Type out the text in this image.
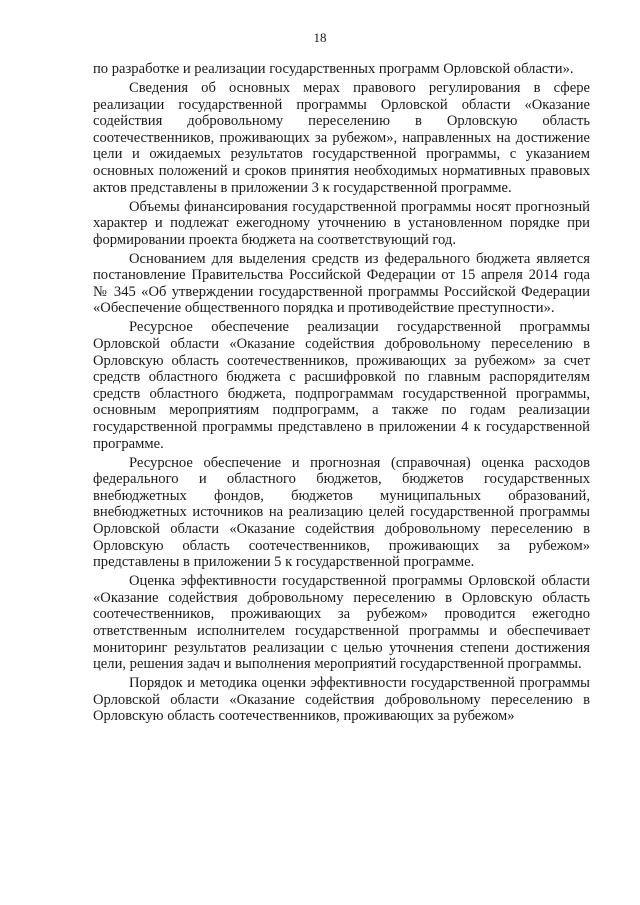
18

по разработке и реализации государственных программ Орловской области».

Сведения об основных мерах правового регулирования в сфере реализации государственной программы Орловской области «Оказание содействия добровольному переселению в Орловскую область соотечественников, проживающих за рубежом», направленных на достижение цели и ожидаемых результатов государственной программы, с указанием основных положений и сроков принятия необходимых нормативных правовых актов представлены в приложении 3 к государственной программе.

Объемы финансирования государственной программы носят прогнозный характер и подлежат ежегодному уточнению в установленном порядке при формировании проекта бюджета на соответствующий год.

Основанием для выделения средств из федерального бюджета является постановление Правительства Российской Федерации от 15 апреля 2014 года № 345 «Об утверждении государственной программы Российской Федерации «Обеспечение общественного порядка и противодействие преступности».

Ресурсное обеспечение реализации государственной программы Орловской области «Оказание содействия добровольному переселению в Орловскую область соотечественников, проживающих за рубежом» за счет средств областного бюджета с расшифровкой по главным распорядителям средств областного бюджета, подпрограммам государственной программы, основным мероприятиям подпрограмм, а также по годам реализации государственной программы представлено в приложении 4 к государственной программе.

Ресурсное обеспечение и прогнозная (справочная) оценка расходов федерального и областного бюджетов, бюджетов государственных внебюджетных фондов, бюджетов муниципальных образований, внебюджетных источников на реализацию целей государственной программы Орловской области «Оказание содействия добровольному переселению в Орловскую область соотечественников, проживающих за рубежом» представлены в приложении 5 к государственной программе.

Оценка эффективности государственной программы Орловской области «Оказание содействия добровольному переселению в Орловскую область соотечественников, проживающих за рубежом» проводится ежегодно ответственным исполнителем государственной программы и обеспечивает мониторинг результатов реализации с целью уточнения степени достижения цели, решения задач и выполнения мероприятий государственной программы.

Порядок и методика оценки эффективности государственной программы Орловской области «Оказание содействия добровольному переселению в Орловскую область соотечественников, проживающих за рубежом»
